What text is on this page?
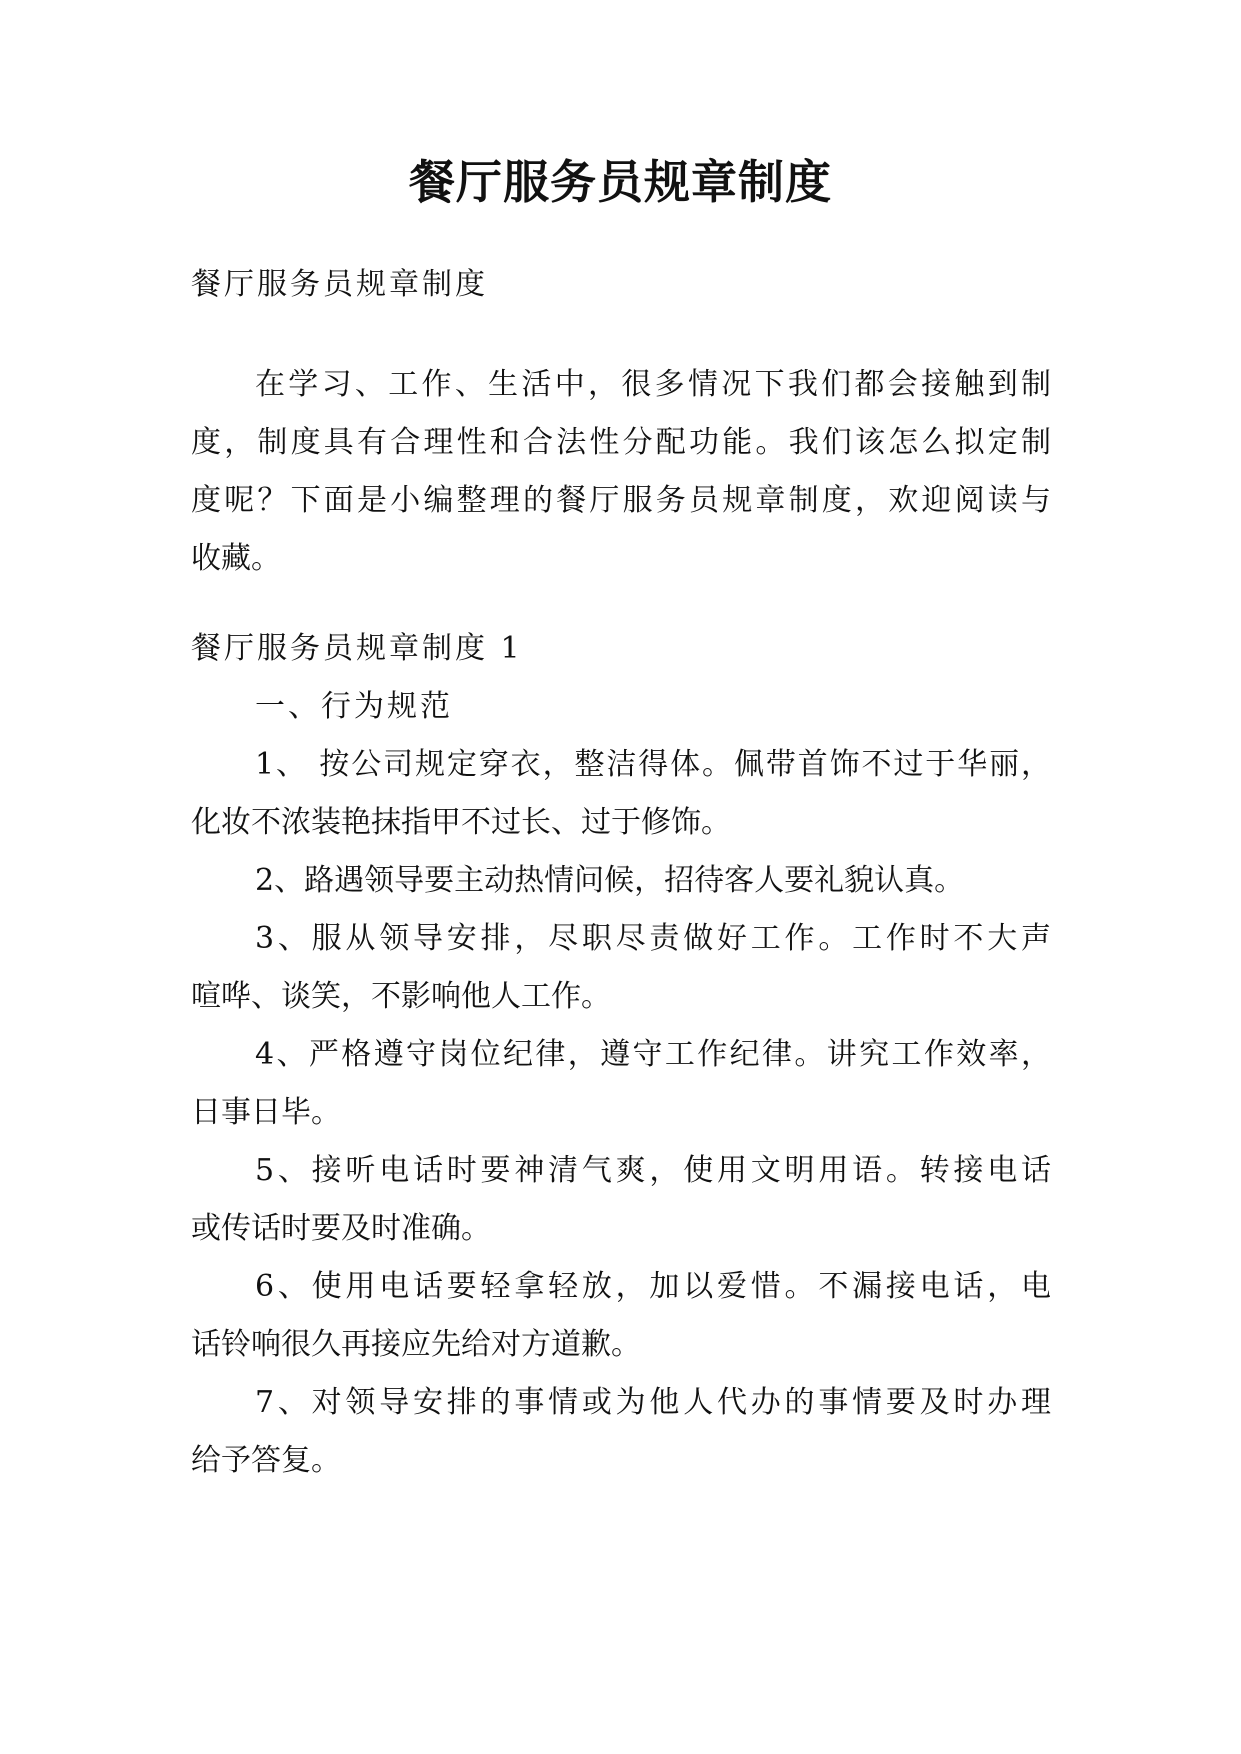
餐厅服务员规章制度
餐厅服务员规章制度
在学习、工作、生活中，很多情况下我们都会接触到制
度，制度具有合理性和合法性分配功能。我们该怎么拟定制
度呢？下面是小编整理的餐厅服务员规章制度，欢迎阅读与
收藏。
餐厅服务员规章制度 1
一、行为规范
1、 按公司规定穿衣，整洁得体。佩带首饰不过于华丽，
化妆不浓装艳抹指甲不过长、过于修饰。
2、路遇领导要主动热情问候，招待客人要礼貌认真。
3、服从领导安排，尽职尽责做好工作。工作时不大声
喧哗、谈笑，不影响他人工作。
4、严格遵守岗位纪律，遵守工作纪律。讲究工作效率，
日事日毕。
5、接听电话时要神清气爽，使用文明用语。转接电话
或传话时要及时准确。
6、使用电话要轻拿轻放，加以爱惜。不漏接电话，电
话铃响很久再接应先给对方道歉。
7、对领导安排的事情或为他人代办的事情要及时办理
给予答复。
